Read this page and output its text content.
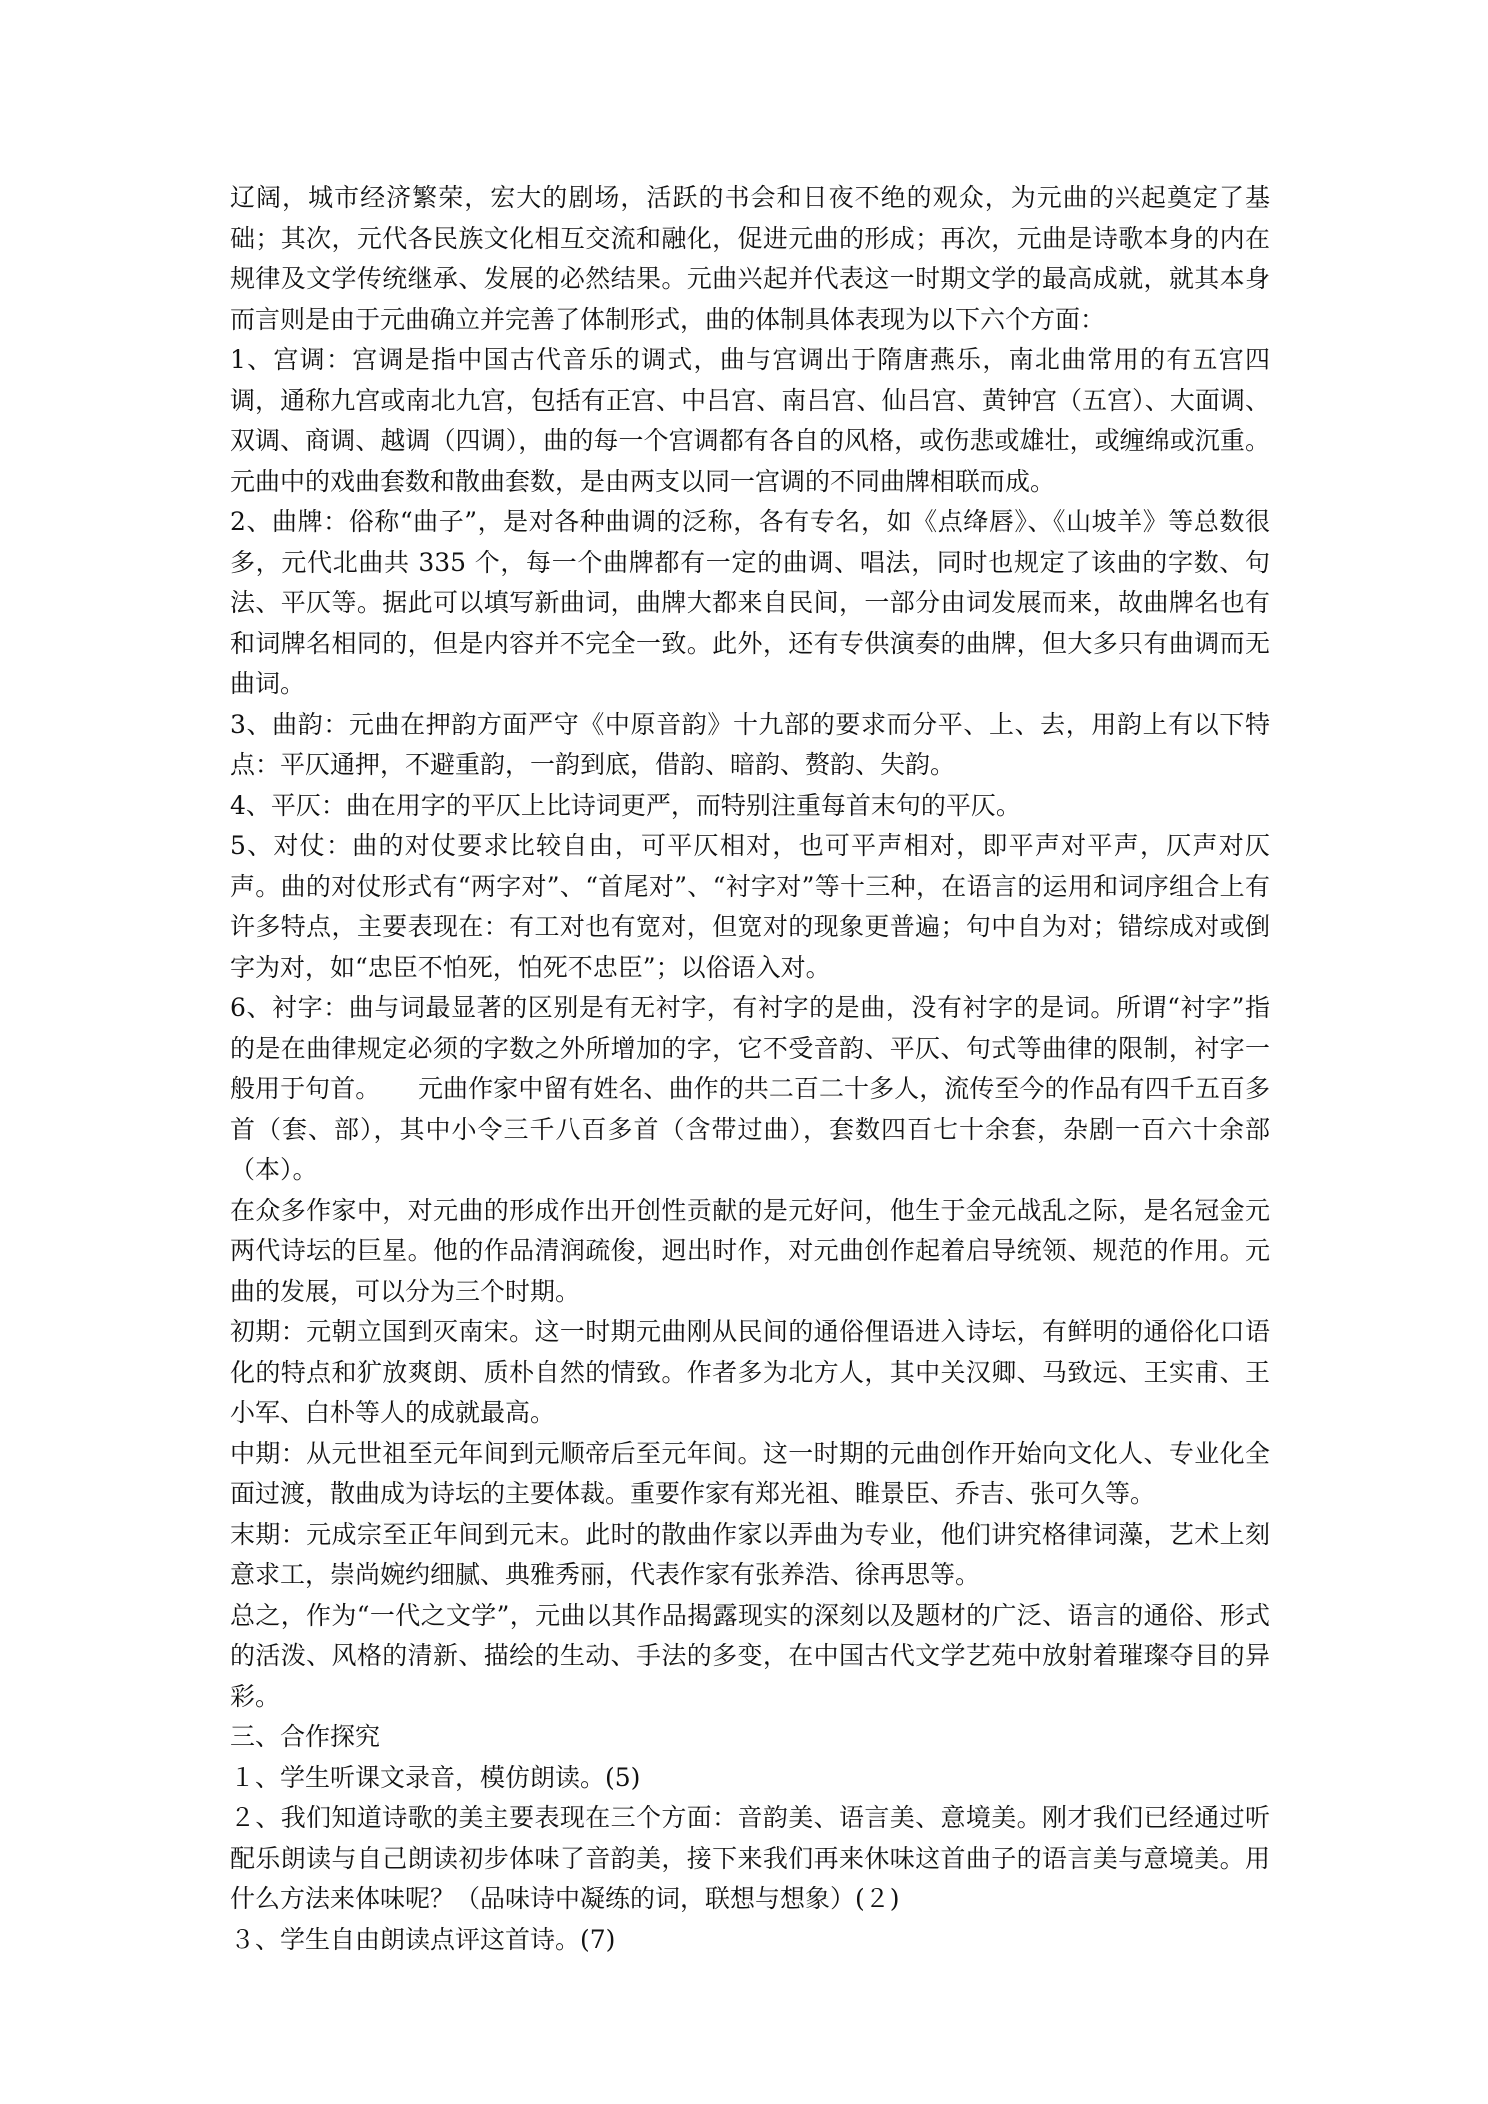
辽阔，城市经济繁荣，宏大的剧场，活跃的书会和日夜不绝的观众，为元曲的兴起奠定了基础；其次，元代各民族文化相互交流和融化，促进元曲的形成；再次，元曲是诗歌本身的内在规律及文学传统继承、发展的必然结果。元曲兴起并代表这一时期文学的最高成就，就其本身而言则是由于元曲确立并完善了体制形式，曲的体制具体表现为以下六个方面：

1、宫调：宫调是指中国古代音乐的调式，曲与宫调出于隋唐燕乐，南北曲常用的有五宫四调，通称九宫或南北九宫，包括有正宫、中吕宫、南吕宫、仙吕宫、黄钟宫（五宫）、大面调、双调、商调、越调（四调），曲的每一个宫调都有各自的风格，或伤悲或雄壮，或缠绵或沉重。元曲中的戏曲套数和散曲套数，是由两支以同一宫调的不同曲牌相联而成。

2、曲牌：俗称“曲子”，是对各种曲调的泛称，各有专名，如《点绛唇》、《山坡羊》等总数很多，元代北曲共 335 个，每一个曲牌都有一定的曲调、唱法，同时也规定了该曲的字数、句法、平仄等。据此可以填写新曲词，曲牌大都来自民间，一部分由词发展而来，故曲牌名也有和词牌名相同的，但是内容并不完全一致。此外，还有专供演奏的曲牌，但大多只有曲调而无曲词。

3、曲韵：元曲在押韵方面严守《中原音韵》十九部的要求而分平、上、去，用韵上有以下特点：平仄通押，不避重韵，一韵到底，借韵、暗韵、赘韵、失韵。

4、平仄：曲在用字的平仄上比诗词更严，而特别注重每首末句的平仄。

5、对仗：曲的对仗要求比较自由，可平仄相对，也可平声相对，即平声对平声，仄声对仄声。曲的对仗形式有“两字对”、“首尾对”、“衬字对”等十三种，在语言的运用和词序组合上有许多特点，主要表现在：有工对也有宽对，但宽对的现象更普遍；句中自为对；错综成对或倒字为对，如“忠臣不怕死，怕死不忠臣”；以俗语入对。

6、衬字：曲与词最显著的区别是有无衬字，有衬字的是曲，没有衬字的是词。所谓“衬字”指的是在曲律规定必须的字数之外所增加的字，它不受音韵、平仄、句式等曲律的限制，衬字一般用于句首。　　元曲作家中留有姓名、曲作的共二百二十多人，流传至今的作品有四千五百多首（套、部），其中小令三千八百多首（含带过曲），套数四百七十余套，杂剧一百六十余部（本）。

在众多作家中，对元曲的形成作出开创性贡献的是元好问，他生于金元战乱之际，是名冠金元两代诗坛的巨星。他的作品清润疏俊，迥出时作，对元曲创作起着启导统领、规范的作用。元曲的发展，可以分为三个时期。

初期：元朝立国到灭南宋。这一时期元曲刚从民间的通俗俚语进入诗坛，有鲜明的通俗化口语化的特点和犷放爽朗、质朴自然的情致。作者多为北方人，其中关汉卿、马致远、王实甫、王小军、白朴等人的成就最高。

中期：从元世祖至元年间到元顺帝后至元年间。这一时期的元曲创作开始向文化人、专业化全面过渡，散曲成为诗坛的主要体裁。重要作家有郑光祖、睢景臣、乔吉、张可久等。

末期：元成宗至正年间到元末。此时的散曲作家以弄曲为专业，他们讲究格律词藻，艺术上刻意求工，崇尚婉约细腻、典雅秀丽，代表作家有张养浩、徐再思等。

总之，作为“一代之文学”，元曲以其作品揭露现实的深刻以及题材的广泛、语言的通俗、形式的活泼、风格的清新、描绘的生动、手法的多变，在中国古代文学艺苑中放射着璀璨夺目的异彩。

三、合作探究

１、学生听课文录音，模仿朗读。(5)

２、我们知道诗歌的美主要表现在三个方面：音韵美、语言美、意境美。刚才我们已经通过听配乐朗读与自己朗读初步体味了音韵美，接下来我们再来休味这首曲子的语言美与意境美。用什么方法来体味呢？（品味诗中凝练的词，联想与想象）(２)

３、学生自由朗读点评这首诗。(7)
